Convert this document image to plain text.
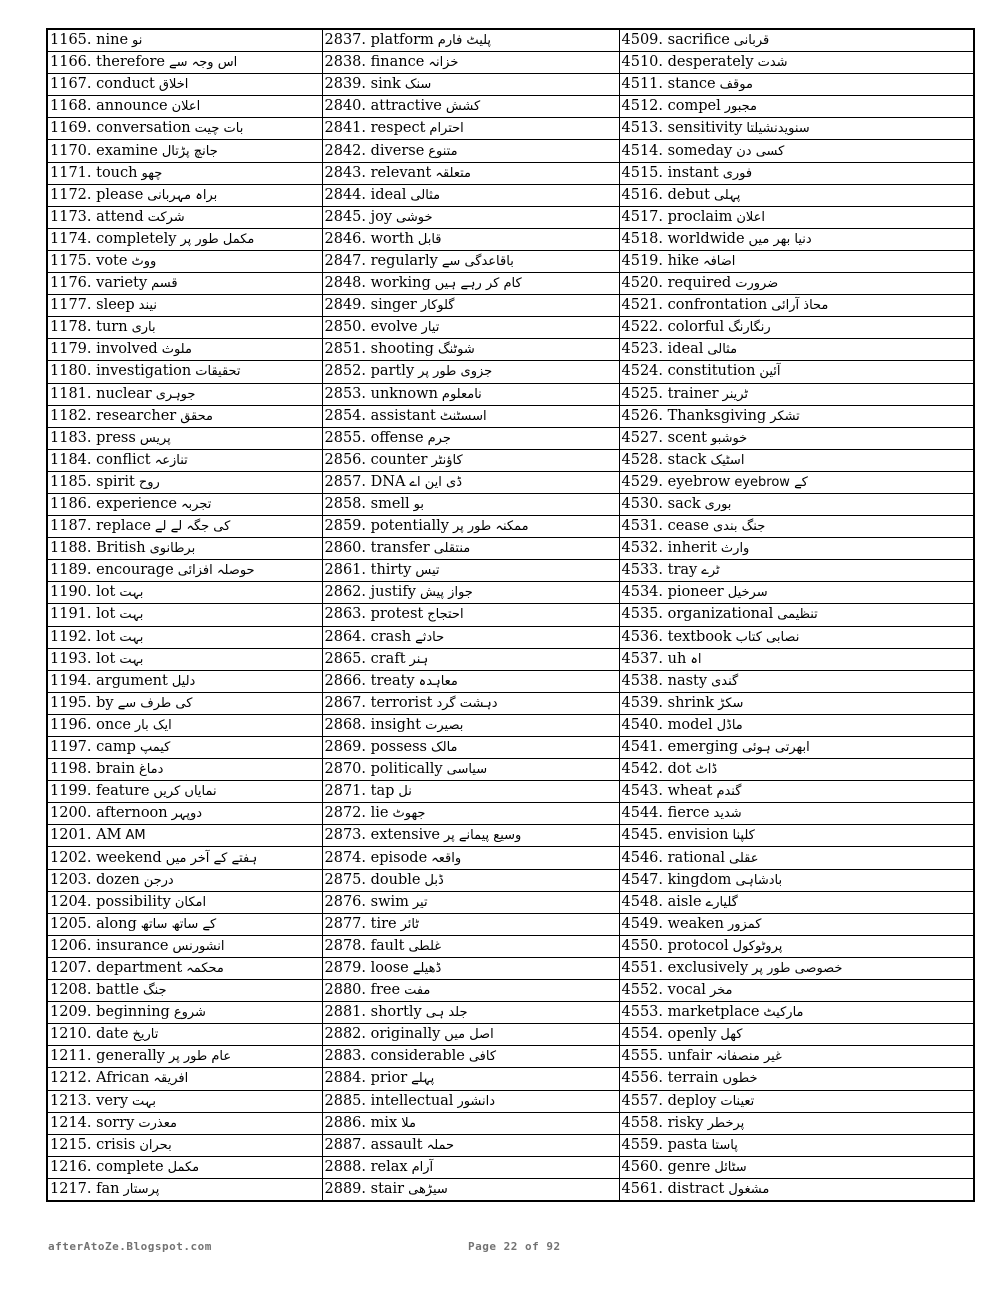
1165. nine نو	2837. platform پلیٹ فارم	4509. sacrifice قربانی
1166. therefore اس وجہ سے	2838. finance خزانہ	4510. desperately شدت
1167. conduct اخلاق	2839. sink سنک	4511. stance موقف
1168. announce اعلان	2840. attractive کشش	4512. compel مجبور
1169. conversation بات چیت	2841. respect احترام	4513. sensitivity سنویدنشیلتا
1170. examine جانچ پڑتال	2842. diverse متنوع	4514. someday کسی دن
1171. touch چھو	2843. relevant متعلقہ	4515. instant فوری
1172. please براہ مہربانی	2844. ideal مثالی	4516. debut پہلی
1173. attend شرکت	2845. joy خوشی	4517. proclaim اعلان
1174. completely مکمل طور پر	2846. worth قابل	4518. worldwide دنیا بھر میں
1175. vote ووٹ	2847. regularly باقاعدگی سے	4519. hike اضافہ
1176. variety قسم	2848. working کام کر رہے ہیں	4520. required ضرورت
1177. sleep نیند	2849. singer گلوکار	4521. confrontation محاذ آرائی
1178. turn باری	2850. evolve تیار	4522. colorful رنگارنگ
1179. involved ملوث	2851. shooting شوٹنگ	4523. ideal مثالی
1180. investigation تحقیقات	2852. partly جزوی طور پر	4524. constitution آئین
1181. nuclear جوہری	2853. unknown نامعلوم	4525. trainer ٹرینر
1182. researcher محقق	2854. assistant اسسٹنٹ	4526. Thanksgiving تشکر
1183. press پریس	2855. offense جرم	4527. scent خوشبو
1184. conflict تنازعہ	2856. counter کاؤنٹر	4528. stack اسٹیک
1185. spirit روح	2857. DNA ڈی این اے	4529. eyebrow eyebrow کے
1186. experience تجربہ	2858. smell بو	4530. sack بوری
1187. replace کی جگہ لے لے	2859. potentially ممکنہ طور پر	4531. cease جنگ بندی
1188. British برطانوی	2860. transfer منتقلی	4532. inherit وارث
1189. encourage حوصلہ افزائی	2861. thirty تیس	4533. tray ٹرے
1190. lot بہت	2862. justify جواز پیش	4534. pioneer سرخیل
1191. lot بہت	2863. protest احتجاج	4535. organizational تنظیمی
1192. lot بہت	2864. crash حادثے	4536. textbook نصابی کتاب
1193. lot بہت	2865. craft ہنر	4537. uh اہ
1194. argument دلیل	2866. treaty معاہدہ	4538. nasty گندی
1195. by کی طرف سے	2867. terrorist دہشت گرد	4539. shrink سکڑ
1196. once ایک بار	2868. insight بصیرت	4540. model ماڈل
1197. camp کیمپ	2869. possess مالک	4541. emerging ابھرتی ہوئی
1198. brain دماغ	2870. politically سیاسی	4542. dot ڈاٹ
1199. feature نمایاں کریں	2871. tap نل	4543. wheat گندم
1200. afternoon دوپہر	2872. lie جھوٹ	4544. fierce شدید
1201. AM AM	2873. extensive وسیع پیمانے پر	4545. envision کلپنا
1202. weekend ہفتے کے آخر میں	2874. episode واقعہ	4546. rational عقلی
1203. dozen درجن	2875. double ڈبل	4547. kingdom بادشاہی
1204. possibility امکان	2876. swim تیر	4548. aisle گلیارے
1205. along کے ساتھ ساتھ	2877. tire ٹائر	4549. weaken کمزور
1206. insurance انشورنس	2878. fault غلطی	4550. protocol پروٹوکول
1207. department محکمہ	2879. loose ڈھیلے	4551. exclusively خصوصی طور پر
1208. battle جنگ	2880. free مفت	4552. vocal مخر
1209. beginning شروع	2881. shortly جلد ہی	4553. marketplace مارکیٹ
1210. date تاریخ	2882. originally اصل میں	4554. openly کھل
1211. generally عام طور پر	2883. considerable کافی	4555. unfair غیر منصفانہ
1212. African افریقہ	2884. prior پہلے	4556. terrain خطوں
1213. very بہت	2885. intellectual دانشور	4557. deploy تعینات
1214. sorry معذرت	2886. mix ملا	4558. risky پرخطر
1215. crisis بحران	2887. assault حملہ	4559. pasta پاستا
1216. complete مکمل	2888. relax آرام	4560. genre سٹائل
1217. fan پرستار	2889. stair سیڑھی	4561. distract مشغول
afterAtoZe.Blogspot.com	Page 22 of 92
